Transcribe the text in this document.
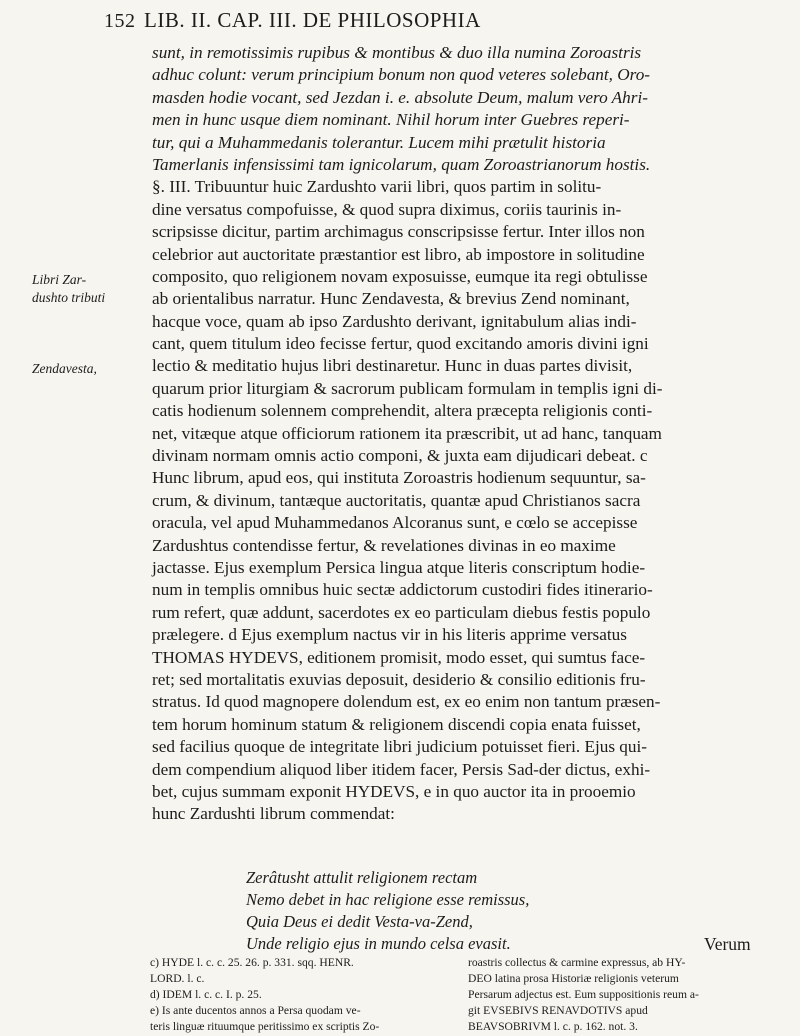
152 LIB. II. CAP. III. DE PHILOSOPHIA
Libri Zar-
dushto tributi
Zendavesta,
sunt, in remotissimis rupibus & montibus & duo illa numina Zoroastris
adhuc colunt: verum principium bonum non quod veteres solebant, Oro-
masden hodie vocant, sed Jezdan i. e. absolute Deum, malum vero Ahri-
men in hunc usque diem nominant. Nihil horum inter Guebres reperi-
tur, qui a Muhammedanis tolerantur. Lucem mihi prætulit historia
Tamerlanis infensissimi tam ignicolarum, quam Zoroastrianorum hostis.
§. III. Tribuuntur huic Zardushto varii libri, quos partim in solitu-
dine versatus compofuisse, & quod supra diximus, coriis taurinis in-
scripsisse dicitur, partim archimagus conscripsisse fertur. Inter illos non
celebrior aut auctoritate præstantior est libro, ab impostore in solitudine
composito, quo religionem novam exposuisse, eumque ita regi obtulisse
ab orientalibus narratur. Hunc Zendavesta, & brevius Zend nominant,
hacque voce, quam ab ipso Zardushto derivant, ignitabulum alias indi-
cant, quem titulum ideo fecisse fertur, quod excitando amoris divini igni
lectio & meditatio hujus libri destinaretur. Hunc in duas partes divisit,
quarum prior liturgiam & sacrorum publicam formulam in templis igni di-
catis hodienum solennem comprehendit, altera præcepta religionis conti-
net, vitæque atque officiorum rationem ita præscribit, ut ad hanc, tanquam
divinam normam omnis actio componi, & juxta eam dijudicari debeat. c
Hunc librum, apud eos, qui instituta Zoroastris hodienum sequuntur, sa-
crum, & divinum, tantæque auctoritatis, quantæ apud Christianos sacra
oracula, vel apud Muhammedanos Alcoranus sunt, e cœlo se accepisse
Zardushtus contendisse fertur, & revelationes divinas in eo maxime
jactasse. Ejus exemplum Persica lingua atque literis conscriptum hodie-
num in templis omnibus huic sectæ addictorum custodiri fides itinerario-
rum refert, quæ addunt, sacerdotes ex eo particulam diebus festis populo
prælegere. d Ejus exemplum nactus vir in his literis apprime versatus
THOMAS HYDEVS, editionem promisit, modo esset, qui sumtus face-
ret; sed mortalitatis exuvias deposuit, desiderio & consilio editionis fru-
stratus. Id quod magnopere dolendum est, ex eo enim non tantum præsen-
tem horum hominum statum & religionem discendi copia enata fuisset,
sed facilius quoque de integritate libri judicium potuisset fieri. Ejus qui-
dem compendium aliquod liber itidem facer, Persis Sad-der dictus, exhi-
bet, cujus summam exponit HYDEVS, e in quo auctor ita in prooemio
hunc Zardushti librum commendat:
Zerâtusht attulit religionem rectam
Nemo debet in hac religione esse remissus,
Quia Deus ei dedit Vesta-va-Zend,
Unde religio ejus in mundo celsa evasit.	Verum
c) HYDE l. c. c. 25. 26. p. 331. sqq. HENR.
LORD. l. c.
d) IDEM l. c. c. I. p. 25.
e) Is ante ducentos annos a Persa quodam ve-
teris linguæ rituumque peritissimo ex scriptis Zo-
roastris collectus & carmine expressus, ab HY-
DEO latina prosa Historiæ religionis veterum
Persarum adjectus est. Eum suppositionis reum a-
git EVSEBIVS RENAVDOTIVS apud
BEAVSOBRIVM l. c. p. 162. not. 3.
